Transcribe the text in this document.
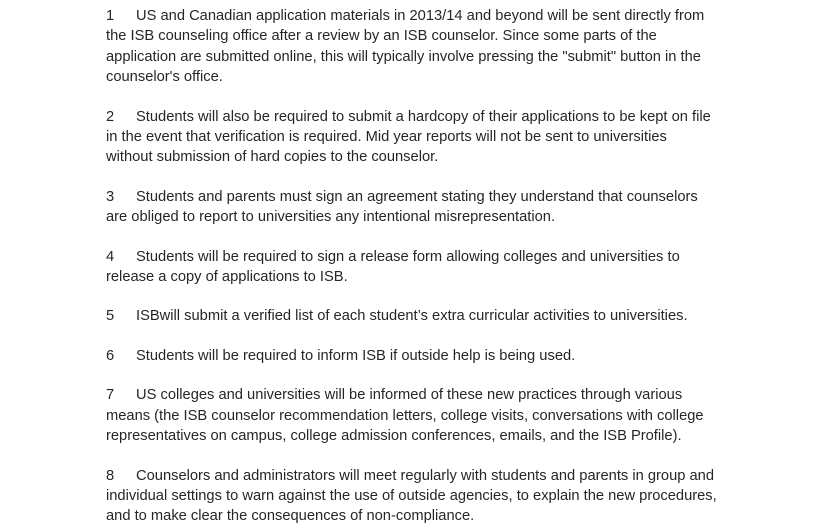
1	US and Canadian application materials in 2013/14 and beyond will be sent directly from the ISB counseling office after a review by an ISB counselor. Since some parts of the application are submitted online, this will typically involve pressing the "submit" button in the counselor's office.
2	Students will also be required to submit a hardcopy of their applications to be kept on file in the event that verification is required. Mid year reports will not be sent to universities without submission of hard copies to the counselor.
3	Students and parents must sign an agreement stating they understand that counselors are obliged to report to universities any intentional misrepresentation.
4	Students will be required to sign a release form allowing colleges and universities to release a copy of applications to ISB.
5	ISBwill submit a verified list of each student’s extra curricular activities to universities.
6	Students will be required to inform ISB if outside help is being used.
7	US colleges and universities will be informed of these new practices through various means (the ISB counselor recommendation letters, college visits, conversations with college representatives on campus, college admission conferences, emails, and the ISB Profile).
8	Counselors and administrators will meet regularly with students and parents in group and individual settings to warn against the use of outside agencies, to explain the new procedures, and to make clear the consequences of non-compliance.
